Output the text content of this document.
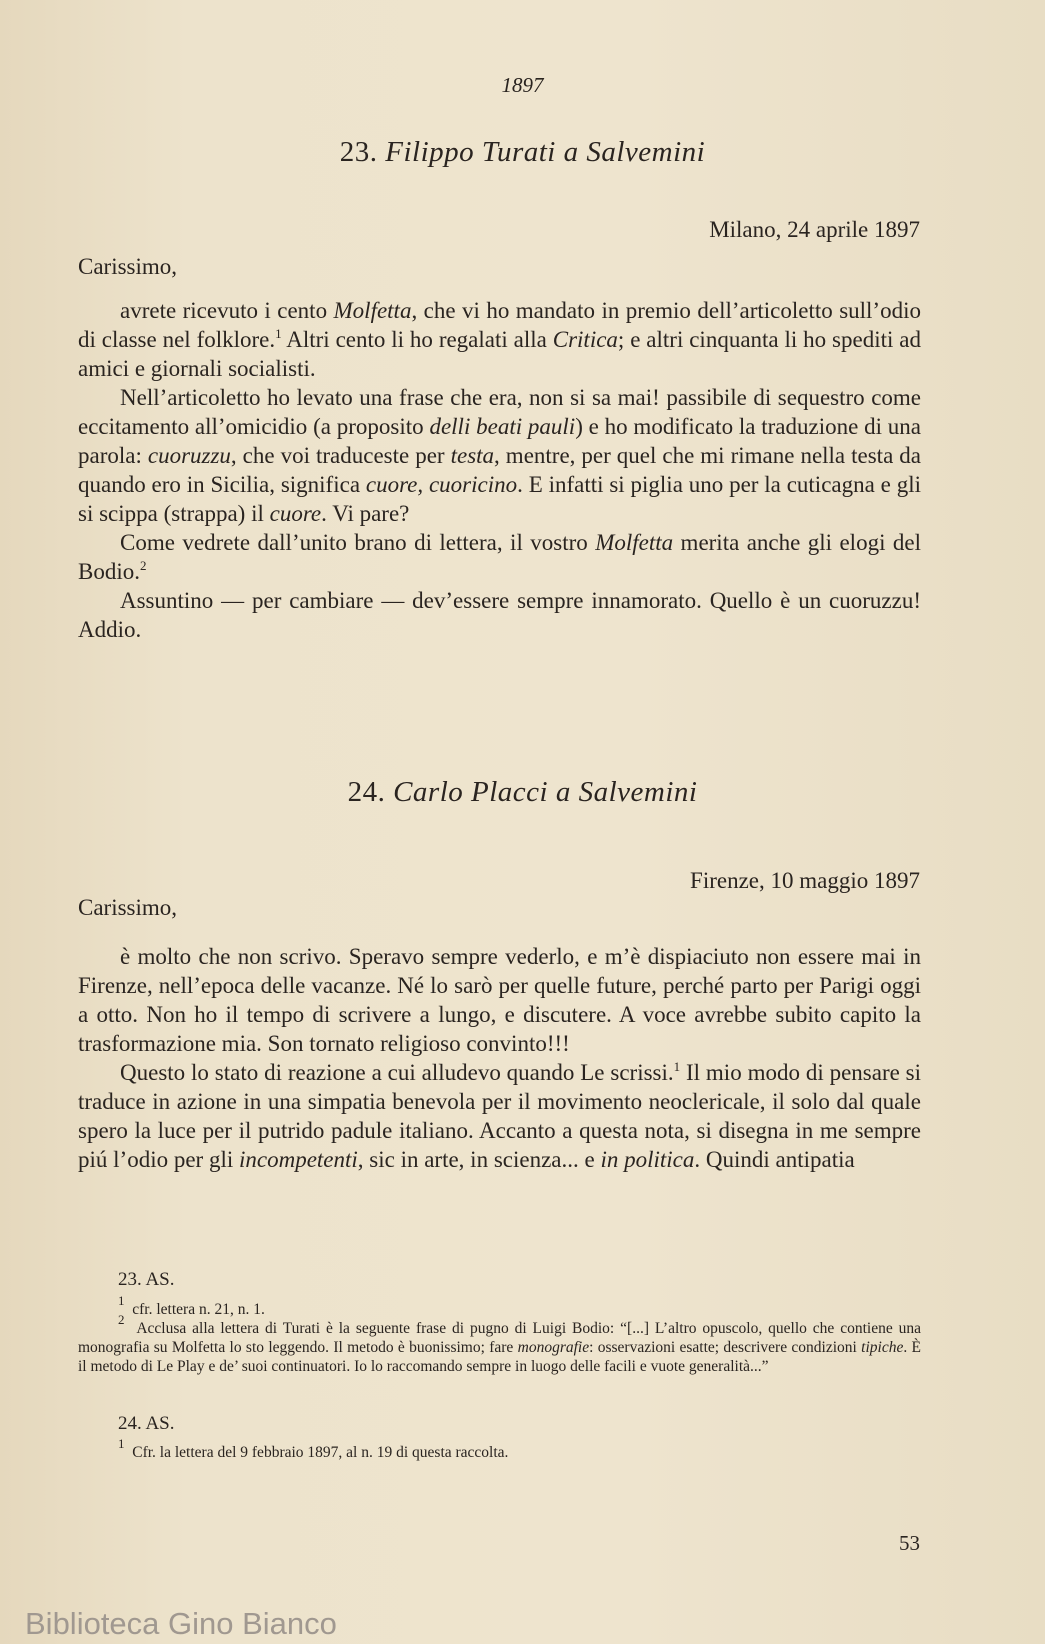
1897
23. Filippo Turati a Salvemini
Milano, 24 aprile 1897
Carissimo,

avrete ricevuto i cento Molfetta, che vi ho mandato in premio dell’articoletto sull’odio di classe nel folklore.$^1$ Altri cento li ho regalati alla Critica; e altri cinquanta li ho spediti ad amici e giornali socialisti.

Nell’articoletto ho levato una frase che era, non si sa mai! passibile di sequestro come eccitamento all’omicidio (a proposito delli beati pauli) e ho modificato la traduzione di una parola: cuoruzzu, che voi traduceste per testa, mentre, per quel che mi rimane nella testa da quando ero in Sicilia, significa cuore, cuoricino. E infatti si piglia uno per la cuticagna e gli si scippa (strappa) il cuore. Vi pare?

Come vedrete dall’unito brano di lettera, il vostro Molfetta merita anche gli elogi del Bodio.$^2$

Assuntino — per cambiare — dev’essere sempre innamorato. Quello è un cuoruzzu! Addio.

24. Carlo Placci a Salvemini
Firenze, 10 maggio 1897
Carissimo,

è molto che non scrivo. Speravo sempre vederlo, e m’è dispiaciuto non essere mai in Firenze, nell’epoca delle vacanze. Né lo sarò per quelle future, perché parto per Parigi oggi a otto. Non ho il tempo di scrivere a lungo, e discutere. A voce avrebbe subito capito la trasformazione mia. Son tornato religioso convinto!!!

Questo lo stato di reazione a cui alludevo quando Le scrissi.$^1$ Il mio modo di pensare si traduce in azione in una simpatia benevola per il movimento neoclericale, il solo dal quale spero la luce per il putrido padule italiano. Accanto a questa nota, si disegna in me sempre piú l’odio per gli incompetenti, sic in arte, in scienza... e in politica. Quindi antipatia

23. AS.
$^1$  cfr. lettera n. 21, n. 1.

$^2$  Acclusa alla lettera di Turati è la seguente frase di pugno di Luigi Bodio: “[...] L’altro opuscolo, quello che contiene una monografia su Molfetta lo sto leggendo. Il metodo è buonissimo; fare monografie: osservazioni esatte; descrivere condizioni tipiche. È il metodo di Le Play e de’ suoi continuatori. Io lo raccomando sempre in luogo delle facili e vuote generalità...”

24. AS.
$^1$  Cfr. la lettera del 9 febbraio 1897, al n. 19 di questa raccolta.
53
Biblioteca Gino Bianco
